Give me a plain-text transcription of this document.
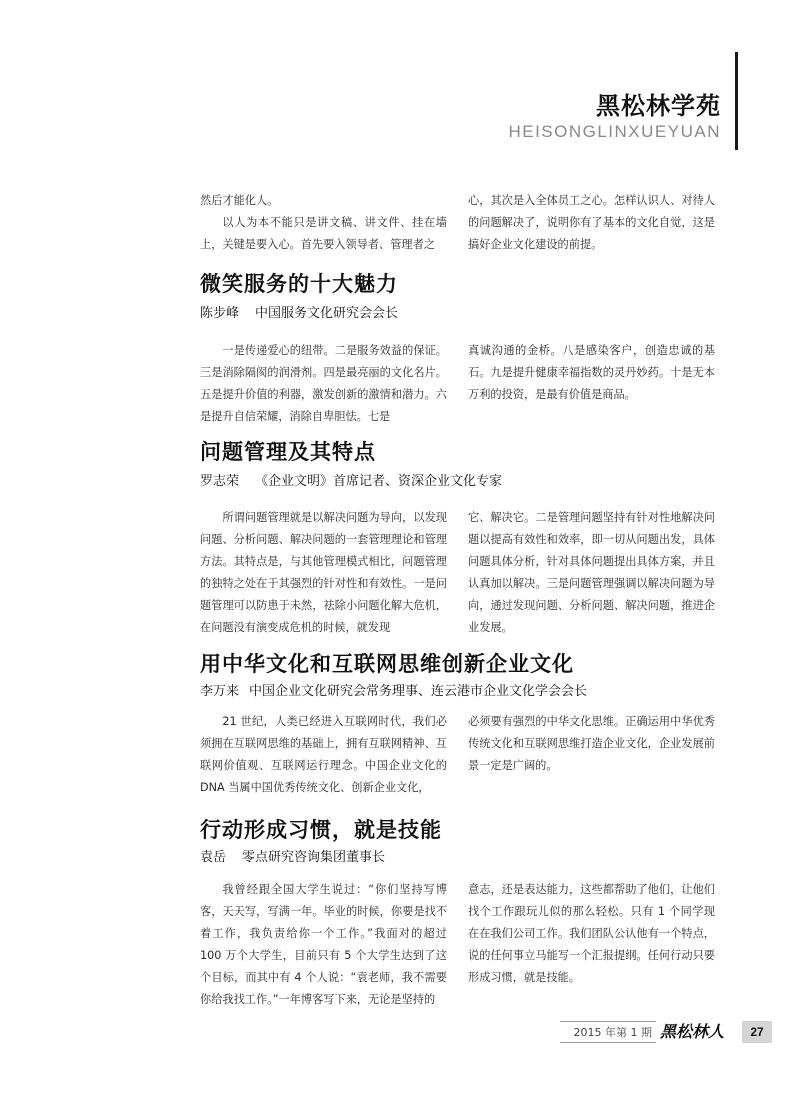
黑松林学苑
HEISONGLINXUEYUAN

然后才能化人。

以人为本不能只是讲文稿、讲文件、挂在墙上，关键是要入心。首先要入领导者、管理者之

心，其次是入全体员工之心。怎样认识人、对待人的问题解决了，说明你有了基本的文化自觉，这是搞好企业文化建设的前提。

微笑服务的十大魅力
陈步峰 中国服务文化研究会会长

一是传递爱心的纽带。二是服务效益的保证。三是消除隔阂的润滑剂。四是最亮丽的文化名片。五是提升价值的利器，激发创新的激情和潜力。六是提升自信荣耀，消除自卑胆怯。七是

真诚沟通的金桥。八是感染客户，创造忠诚的基石。九是提升健康幸福指数的灵丹妙药。十是无本万利的投资，是最有价值是商品。

问题管理及其特点
罗志荣 《企业文明》首席记者、资深企业文化专家

所谓问题管理就是以解决问题为导向，以发现问题、分析问题、解决问题的一套管理理论和管理方法。其特点是，与其他管理模式相比，问题管理的独特之处在于其强烈的针对性和有效性。一是问题管理可以防患于未然，祛除小问题化解大危机，在问题没有演变成危机的时候，就发现

它、解决它。二是管理问题坚持有针对性地解决问题以提高有效性和效率，即一切从问题出发，具体问题具体分析，针对具体问题提出具体方案，并且认真加以解决。三是问题管理强调以解决问题为导向，通过发现问题、分析问题、解决问题，推进企业发展。

用中华文化和互联网思维创新企业文化
李万来 中国企业文化研究会常务理事、连云港市企业文化学会会长

21 世纪，人类已经进入互联网时代，我们必须拥在互联网思维的基础上，拥有互联网精神、互联网价值观、互联网运行理念。中国企业文化的 DNA 当属中国优秀传统文化、创新企业文化，

必须要有强烈的中华文化思维。正确运用中华优秀传统文化和互联网思维打造企业文化，企业发展前景一定是广阔的。

行动形成习惯，就是技能
袁岳 零点研究咨询集团董事长

我曾经跟全国大学生说过：“你们坚持写博客，天天写，写满一年。毕业的时候，你要是找不着工作，我负责给你一个工作。”我面对的超过 100 万个大学生，目前只有 5 个大学生达到了这个目标，而其中有 4 个人说：“袁老师，我不需要你给我找工作。”一年博客写下来，无论是坚持的

意志，还是表达能力，这些都帮助了他们，让他们找个工作跟玩儿似的那么轻松。只有 1 个同学现在在我们公司工作。我们团队公认他有一个特点，说的任何事立马能写一个汇报提纲。任何行动只要形成习惯，就是技能。

2015 年第 1 期 黑松林人	27
